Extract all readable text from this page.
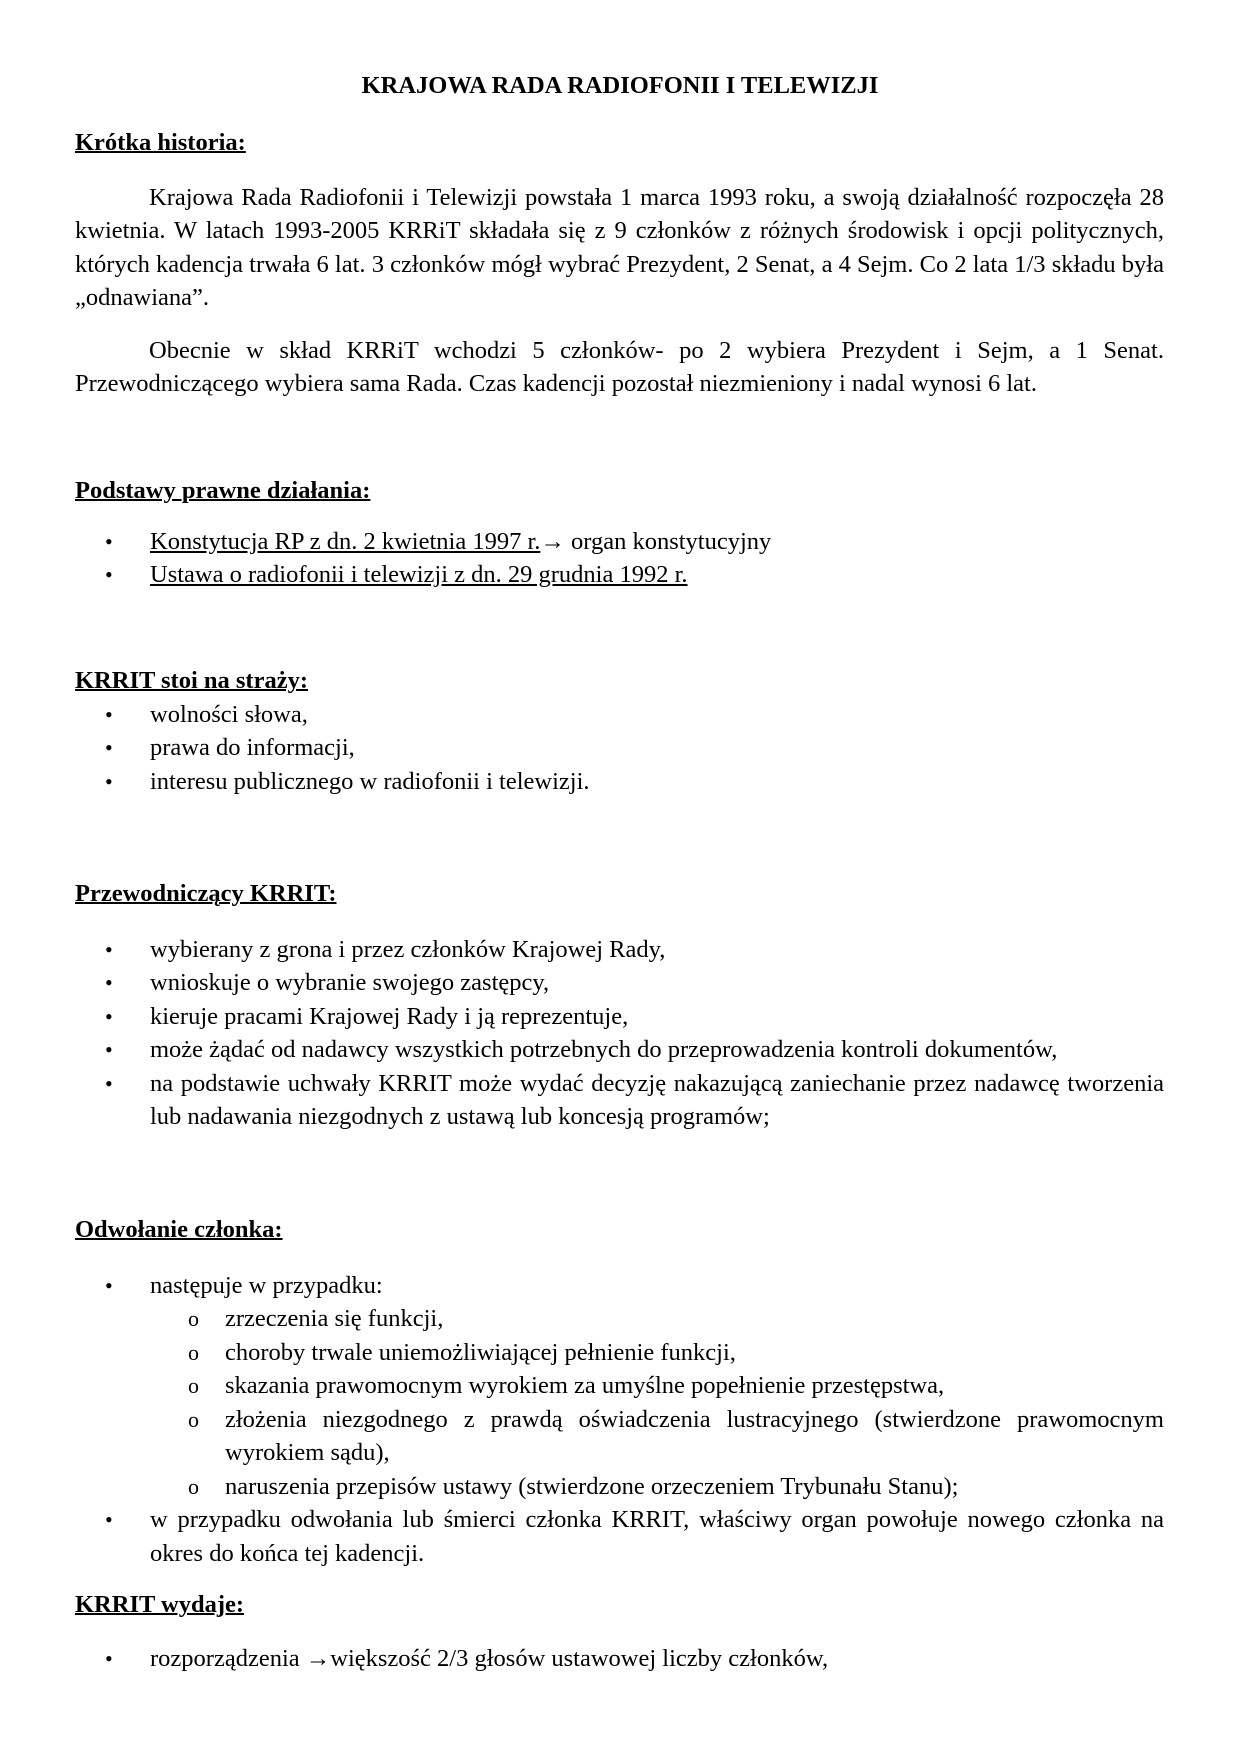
KRAJOWA RADA RADIOFONII I TELEWIZJI
Krótka historia:

Krajowa Rada Radiofonii i Telewizji powstała 1 marca 1993 roku, a swoją działalność rozpoczęła 28 kwietnia. W latach 1993-2005 KRRiT składała się z 9 członków z różnych środowisk i opcji politycznych, których kadencja trwała 6 lat. 3 członków mógł wybrać Prezydent, 2 Senat, a 4 Sejm. Co 2 lata 1/3 składu była „odnawiana”.

Obecnie w skład KRRiT wchodzi 5 członków- po 2 wybiera Prezydent i Sejm, a 1 Senat. Przewodniczącego wybiera sama Rada. Czas kadencji pozostał niezmieniony i nadal wynosi 6 lat.

Podstawy prawne działania:
• Konstytucja RP z dn. 2 kwietnia 1997 r.→ organ konstytucyjny
• Ustawa o radiofonii i telewizji z dn. 29 grudnia 1992 r.
KRRIT stoi na straży:
• wolności słowa,
• prawa do informacji,
• interesu publicznego w radiofonii i telewizji.
Przewodniczący KRRIT:
• wybierany z grona i przez członków Krajowej Rady,
• wnioskuje o wybranie swojego zastępcy,
• kieruje pracami Krajowej Rady i ją reprezentuje,
• może żądać od nadawcy wszystkich potrzebnych do przeprowadzenia kontroli dokumentów,
• na podstawie uchwały KRRIT może wydać decyzję nakazującą zaniechanie przez nadawcę tworzenia lub nadawania niezgodnych z ustawą lub koncesją programów;
Odwołanie członka:
• następuje w przypadku:
o zrzeczenia się funkcji,
o choroby trwale uniemożliwiającej pełnienie funkcji,
o skazania prawomocnym wyrokiem za umyślne popełnienie przestępstwa,
o złożenia niezgodnego z prawdą oświadczenia lustracyjnego (stwierdzone prawomocnym wyrokiem sądu),
o naruszenia przepisów ustawy (stwierdzone orzeczeniem Trybunału Stanu);
• w przypadku odwołania lub śmierci członka KRRIT, właściwy organ powołuje nowego członka na okres do końca tej kadencji.
KRRIT wydaje:
• rozporządzenia →większość 2/3 głosów ustawowej liczby członków,
